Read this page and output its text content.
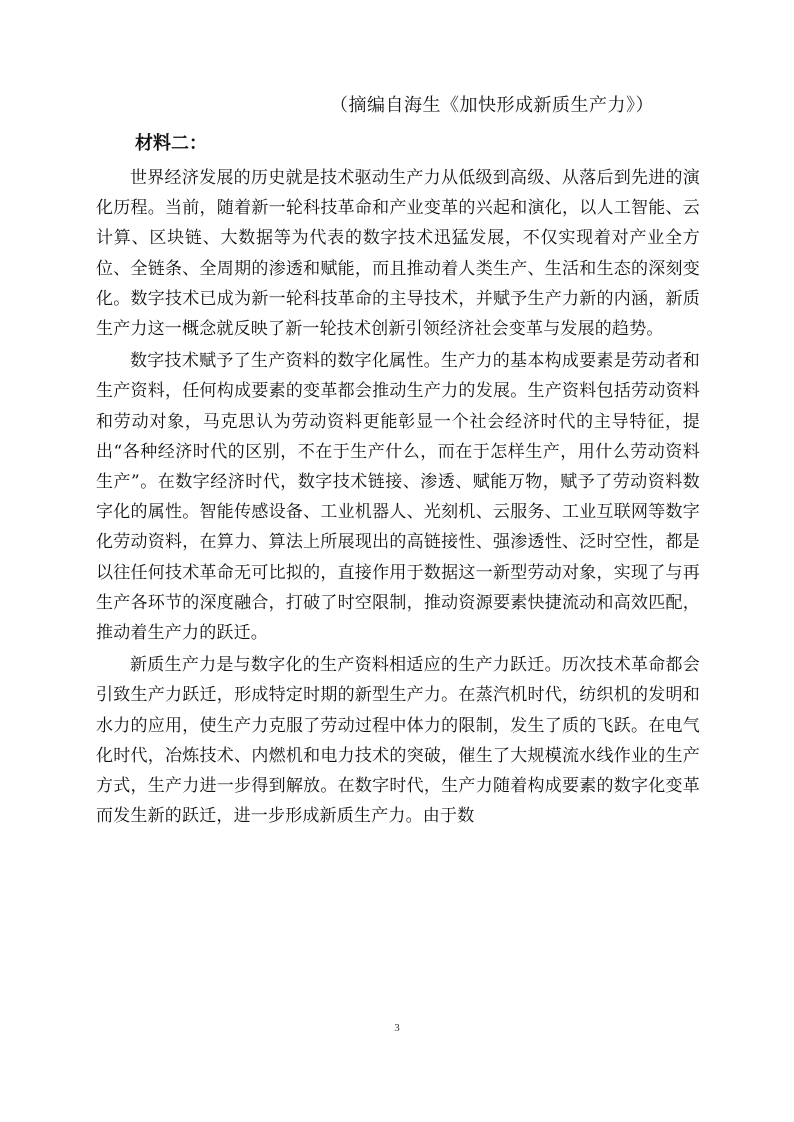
（摘编自海生《加快形成新质生产力》）
材料二：

世界经济发展的历史就是技术驱动生产力从低级到高级、从落后到先进的演化历程。当前，随着新一轮科技革命和产业变革的兴起和演化，以人工智能、云计算、区块链、大数据等为代表的数字技术迅猛发展，不仅实现着对产业全方位、全链条、全周期的渗透和赋能，而且推动着人类生产、生活和生态的深刻变化。数字技术已成为新一轮科技革命的主导技术，并赋予生产力新的内涵，新质生产力这一概念就反映了新一轮技术创新引领经济社会变革与发展的趋势。

数字技术赋予了生产资料的数字化属性。生产力的基本构成要素是劳动者和生产资料，任何构成要素的变革都会推动生产力的发展。生产资料包括劳动资料和劳动对象，马克思认为劳动资料更能彰显一个社会经济时代的主导特征，提出“各种经济时代的区别，不在于生产什么，而在于怎样生产，用什么劳动资料生产”。在数字经济时代，数字技术链接、渗透、赋能万物，赋予了劳动资料数字化的属性。智能传感设备、工业机器人、光刻机、云服务、工业互联网等数字化劳动资料，在算力、算法上所展现出的高链接性、强渗透性、泛时空性，都是以往任何技术革命无可比拟的，直接作用于数据这一新型劳动对象，实现了与再生产各环节的深度融合，打破了时空限制，推动资源要素快捷流动和高效匹配，推动着生产力的跃迁。

新质生产力是与数字化的生产资料相适应的生产力跃迁。历次技术革命都会引致生产力跃迁，形成特定时期的新型生产力。在蒸汽机时代，纺织机的发明和水力的应用，使生产力克服了劳动过程中体力的限制，发生了质的飞跃。在电气化时代，冶炼技术、内燃机和电力技术的突破，催生了大规模流水线作业的生产方式，生产力进一步得到解放。在数字时代，生产力随着构成要素的数字化变革而发生新的跃迁，进一步形成新质生产力。由于数

3
